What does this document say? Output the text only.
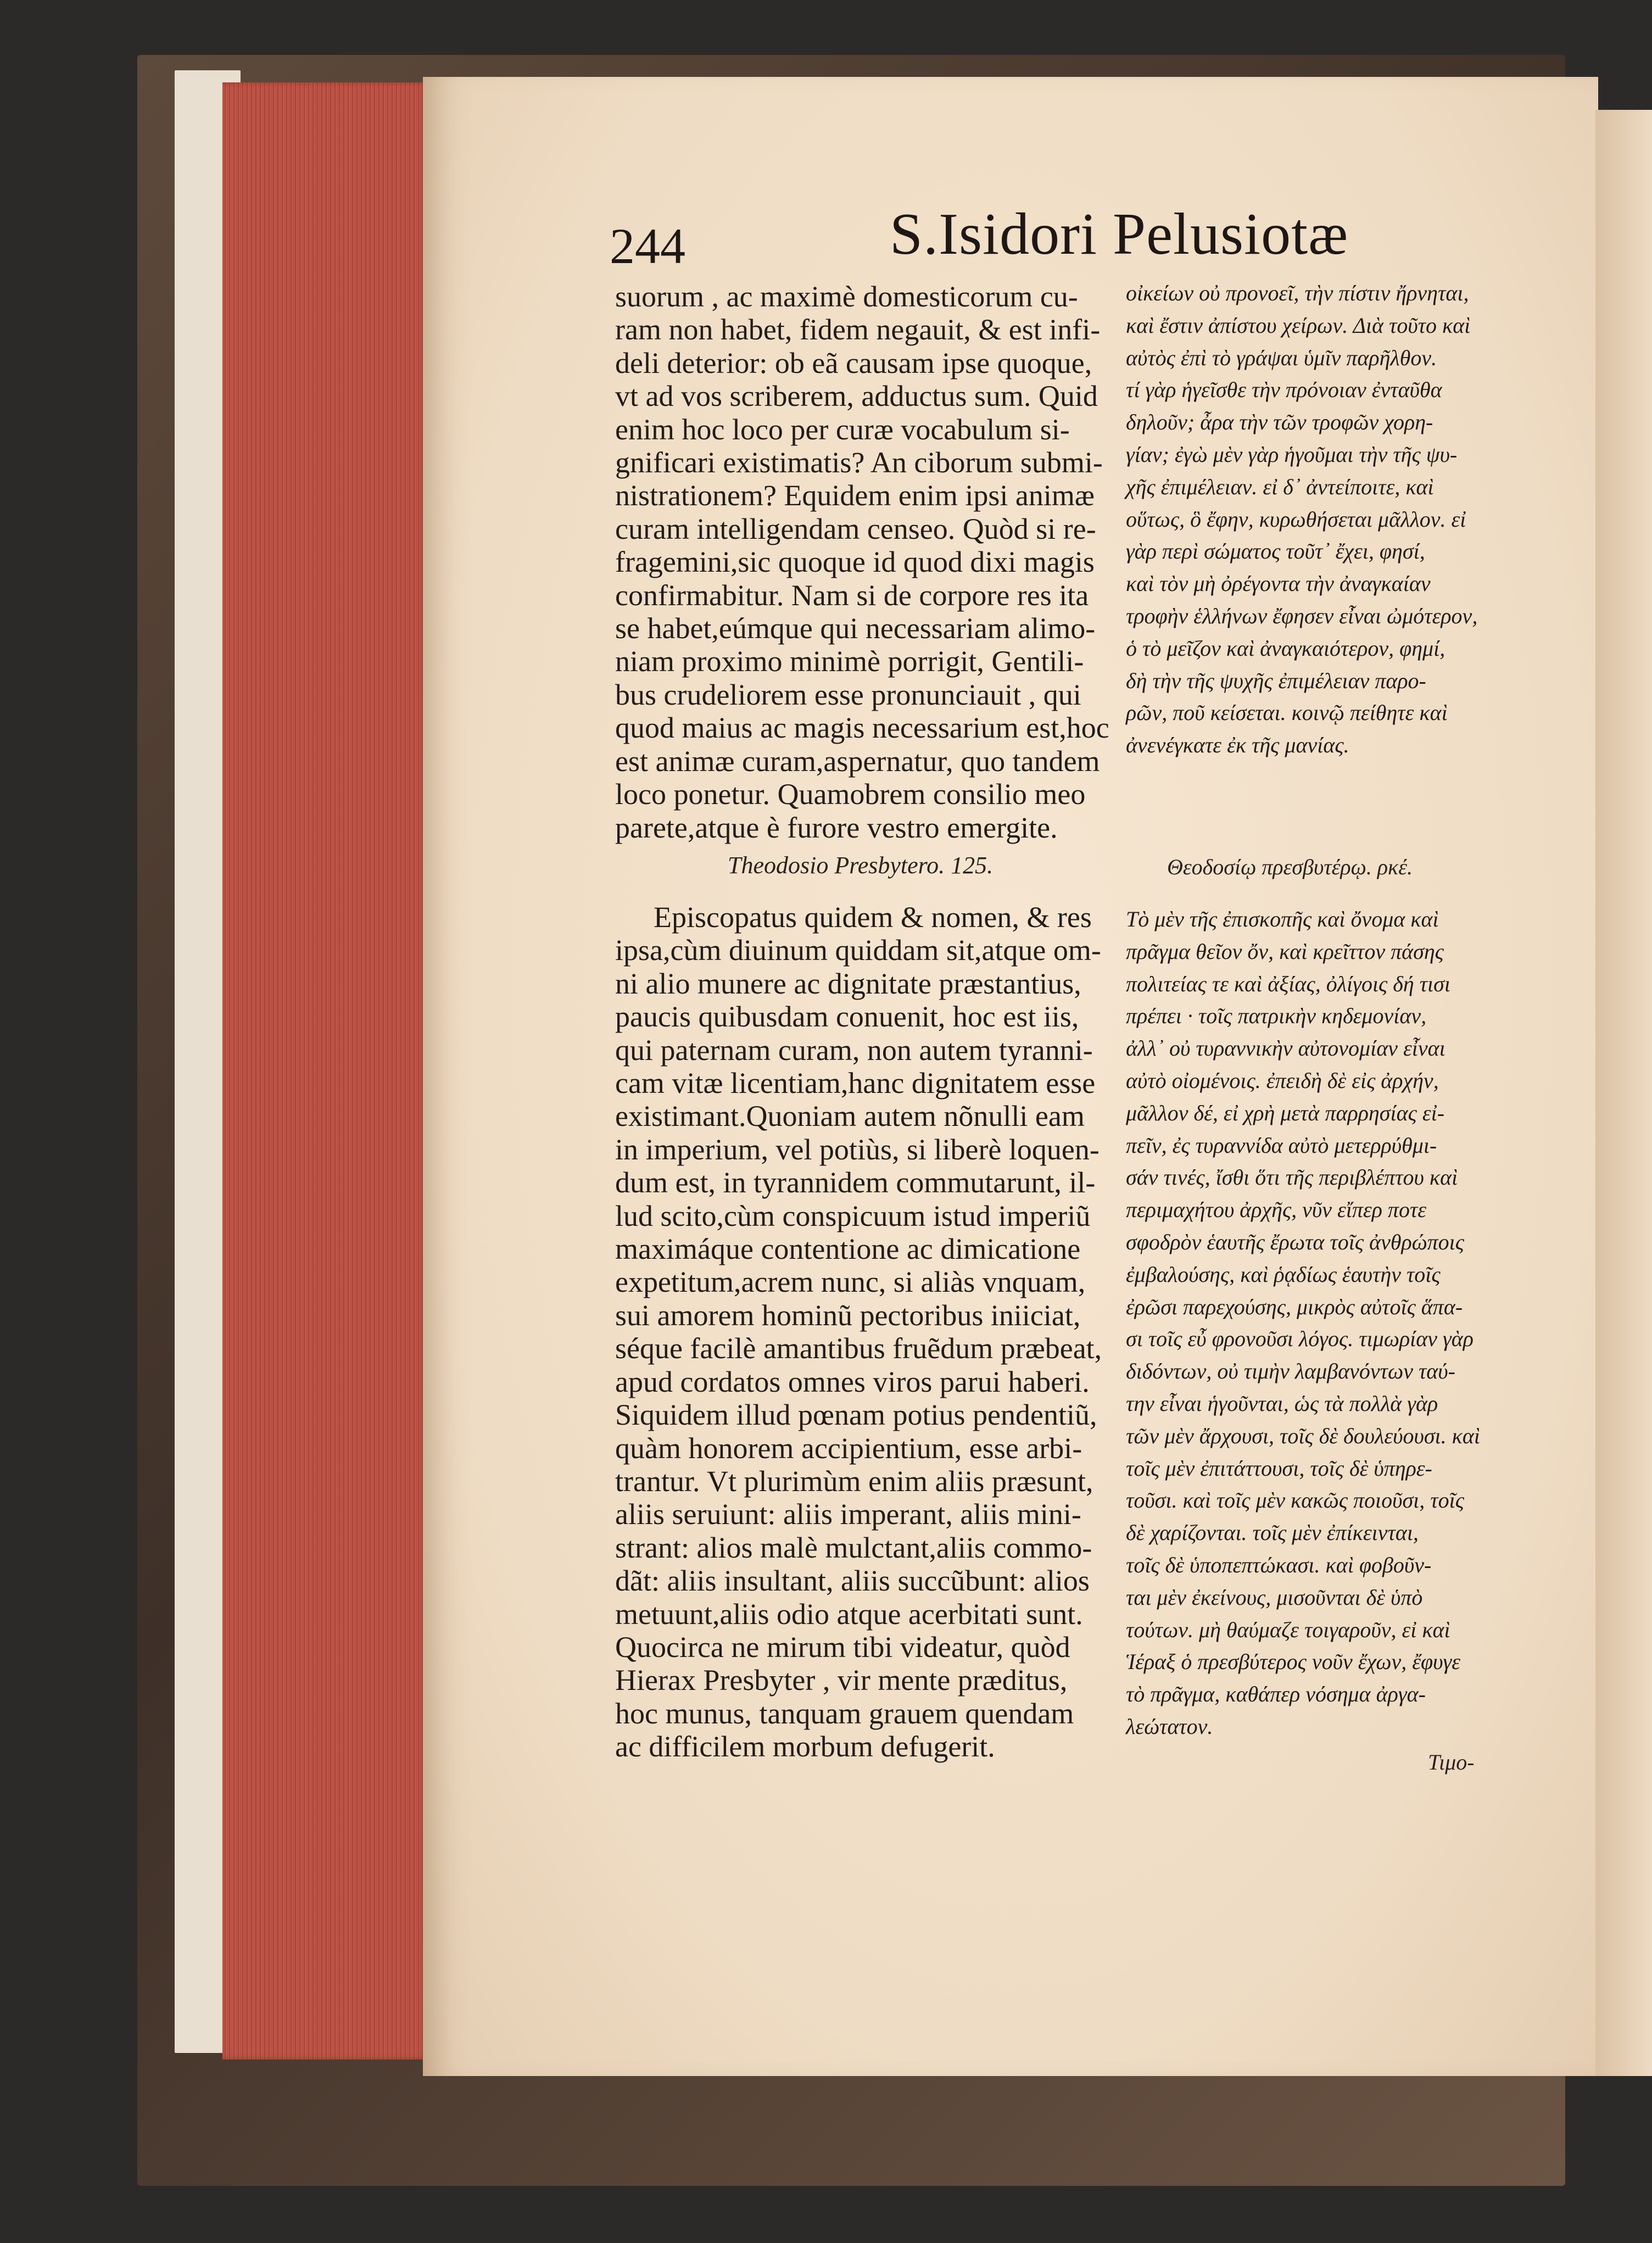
244	S.Isidori Pelusiotæ
suorum , ac maximè domesticorum cu-
ram non habet, fidem negauit, & est infi-
deli deterior: ob eã causam ipse quoque,
vt ad vos scriberem, adductus sum. Quid
enim hoc loco per curæ vocabulum si-
gnificari existimatis? An ciborum submi-
nistrationem? Equidem enim ipsi animæ
curam intelligendam censeo. Quòd si re-
fragemini,sic quoque id quod dixi magis
confirmabitur. Nam si de corpore res ita
se habet,eúmque qui necessariam alimo-
niam proximo minimè porrigit, Gentili-
bus crudeliorem esse pronunciauit , qui
quod maius ac magis necessarium est,hoc
est animæ curam,aspernatur, quo tandem
loco ponetur. Quamobrem consilio meo
parete,atque è furore vestro emergite.
οἰκείων οὐ προνοεῖ, τὴν πίστιν ἤρνηται,
καὶ ἔστιν ἀπίστου χείρων. Διὰ τοῦτο καὶ
αὐτὸς ἐπὶ τὸ γράψαι ὑμῖν παρῆλθον.
τί γὰρ ἡγεῖσθε τὴν πρόνοιαν ἐνταῦθα
δηλοῦν; ἆρα τὴν τῶν τροφῶν χορη-
γίαν; ἐγὼ μὲν γὰρ ἡγοῦμαι τὴν τῆς ψυ-
χῆς ἐπιμέλειαν. εἰ δ᾽ ἀντείποιτε, καὶ
οὕτως, ὃ ἔφην, κυρωθήσεται μᾶλλον. εἰ
γὰρ περὶ σώματος τοῦτ᾽ ἔχει, φησί,
καὶ τὸν μὴ ὀρέγοντα τὴν ἀναγκαίαν
τροφὴν ἑλλήνων ἔφησεν εἶναι ὠμότερον,
ὁ τὸ μεῖζον καὶ ἀναγκαιότερον, φημί,
δὴ τὴν τῆς ψυχῆς ἐπιμέλειαν παρο-
ρῶν, ποῦ κείσεται. κοινῷ πείθητε καὶ
ἀνενέγκατε ἐκ τῆς μανίας.
Theodosio Presbytero. 125.	Θεοδοσίῳ πρεσβυτέρῳ. ρκέ.
Episcopatus quidem & nomen, & res
ipsa,cùm diuinum quiddam sit,atque om-
ni alio munere ac dignitate præstantius,
paucis quibusdam conuenit, hoc est iis,
qui paternam curam, non autem tyranni-
cam vitæ licentiam,hanc dignitatem esse
existimant.Quoniam autem nõnulli eam
in imperium, vel potiùs, si liberè loquen-
dum est, in tyrannidem commutarunt, il-
lud scito,cùm conspicuum istud imperiũ
maximáque contentione ac dimicatione
expetitum,acrem nunc, si aliàs vnquam,
sui amorem hominũ pectoribus iniiciat,
séque facilè amantibus fruẽdum præbeat,
apud cordatos omnes viros parui haberi.
Siquidem illud pœnam potius pendentiũ,
quàm honorem accipientium, esse arbi-
trantur. Vt plurimùm enim aliis præsunt,
aliis seruiunt: aliis imperant, aliis mini-
strant: alios malè mulctant,aliis commo-
dãt: aliis insultant, aliis succũbunt: alios
metuunt,aliis odio atque acerbitati sunt.
Quocirca ne mirum tibi videatur, quòd
Hierax Presbyter , vir mente præditus,
hoc munus, tanquam grauem quendam
ac difficilem morbum defugerit.
Τὸ μὲν τῆς ἐπισκοπῆς καὶ ὄνομα καὶ
πρᾶγμα θεῖον ὄν, καὶ κρεῖττον πάσης
πολιτείας τε καὶ ἀξίας, ὀλίγοις δή τισι
πρέπει · τοῖς πατρικὴν κηδεμονίαν,
ἀλλ᾽ οὐ τυραννικὴν αὐτονομίαν εἶναι
αὐτὸ οἰομένοις. ἐπειδὴ δὲ εἰς ἀρχήν,
μᾶλλον δέ, εἰ χρὴ μετὰ παρρησίας εἰ-
πεῖν, ἐς τυραννίδα αὐτὸ μετερρύθμι-
σάν τινές, ἴσθι ὅτι τῆς περιβλέπτου καὶ
περιμαχήτου ἀρχῆς, νῦν εἴπερ ποτε
σφοδρὸν ἑαυτῆς ἔρωτα τοῖς ἀνθρώποις
ἐμβαλούσης, καὶ ῥᾳδίως ἑαυτὴν τοῖς
ἐρῶσι παρεχούσης, μικρὸς αὐτοῖς ἅπα-
σι τοῖς εὖ φρονοῦσι λόγος. τιμωρίαν γὰρ
διδόντων, οὐ τιμὴν λαμβανόντων ταύ-
την εἶναι ἡγοῦνται, ὡς τὰ πολλὰ γὰρ
τῶν μὲν ἄρχουσι, τοῖς δὲ δουλεύουσι. καὶ
τοῖς μὲν ἐπιτάττουσι, τοῖς δὲ ὑπηρε-
τοῦσι. καὶ τοῖς μὲν κακῶς ποιοῦσι, τοῖς
δὲ χαρίζονται. τοῖς μὲν ἐπίκεινται,
τοῖς δὲ ὑποπεπτώκασι. καὶ φοβοῦν-
ται μὲν ἐκείνους, μισοῦνται δὲ ὑπὸ
τούτων. μὴ θαύμαζε τοιγαροῦν, εἰ καὶ
Ἱέραξ ὁ πρεσβύτερος νοῦν ἔχων, ἔφυγε
τὸ πρᾶγμα, καθάπερ νόσημα ἀργα-
λεώτατον.
Τιμο-
